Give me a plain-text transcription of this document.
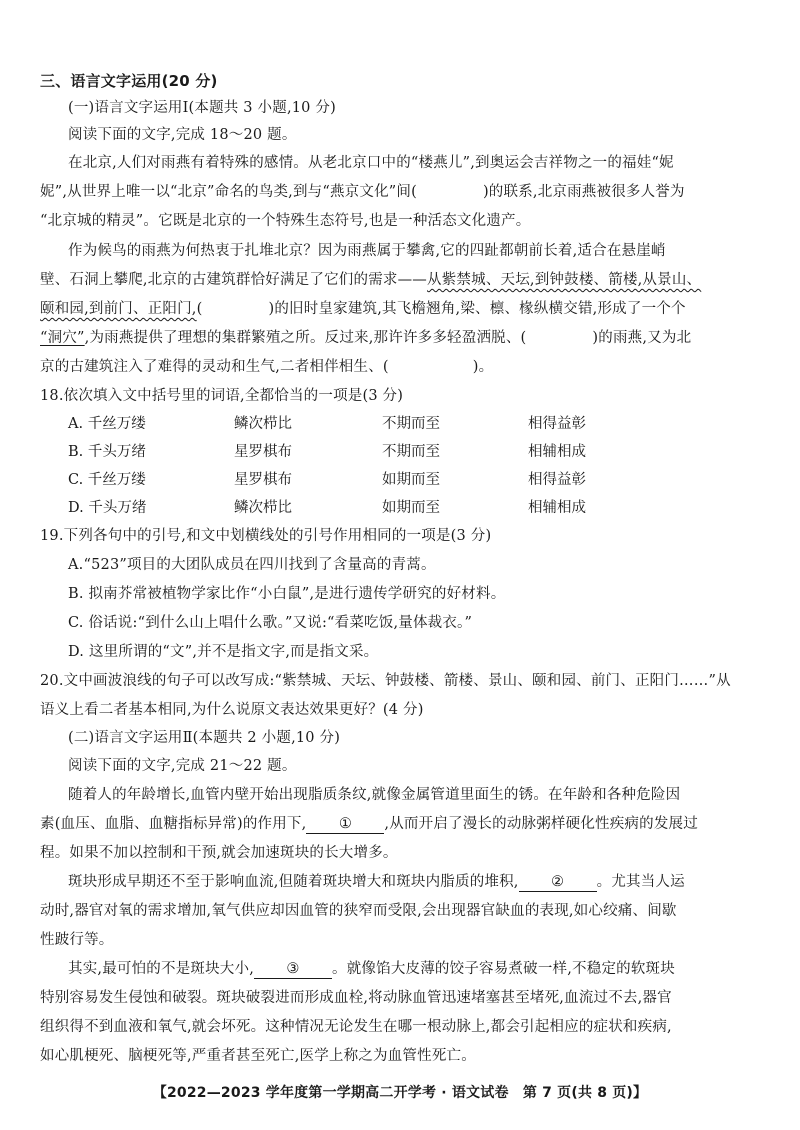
三、语言文字运用(20 分)
(一)语言文字运用Ⅰ(本题共 3 小题,10 分)
阅读下面的文字,完成 18～20 题。
在北京,人们对雨燕有着特殊的感情。从老北京口中的“楼燕儿”,到奥运会吉祥物之一的福娃“妮
妮”,从世界上唯一以“北京”命名的鸟类,到与“燕京文化”间(	)的联系,北京雨燕被很多人誉为
“北京城的精灵”。它既是北京的一个特殊生态符号,也是一种活态文化遗产。
作为候鸟的雨燕为何热衷于扎堆北京？因为雨燕属于攀禽,它的四趾都朝前长着,适合在悬崖峭
壁、石洞上攀爬,北京的古建筑群恰好满足了它们的需求——从紫禁城、天坛,到钟鼓楼、箭楼,从景山、
颐和园,到前门、正阳门,(	)的旧时皇家建筑,其飞檐翘角,梁、檩、椽纵横交错,形成了一个个
“洞穴”,为雨燕提供了理想的集群繁殖之所。反过来,那许许多多轻盈洒脱、(	)的雨燕,又为北
京的古建筑注入了难得的灵动和生气,二者相伴相生、(	)。
18.依次填入文中括号里的词语,全都恰当的一项是(3 分)
A. 千丝万缕	鳞次栉比	不期而至	相得益彰
B. 千头万绪	星罗棋布	不期而至	相辅相成
C. 千丝万缕	星罗棋布	如期而至	相得益彰
D. 千头万绪	鳞次栉比	如期而至	相辅相成
19.下列各句中的引号,和文中划横线处的引号作用相同的一项是(3 分)
A.“523”项目的大团队成员在四川找到了含量高的青蒿。
B. 拟南芥常被植物学家比作“小白鼠”,是进行遗传学研究的好材料。
C. 俗话说:“到什么山上唱什么歌。”又说:“看菜吃饭,量体裁衣。”
D. 这里所谓的“文”,并不是指文字,而是指文采。
20.文中画波浪线的句子可以改写成:“紫禁城、天坛、钟鼓楼、箭楼、景山、颐和园、前门、正阳门……”从
语义上看二者基本相同,为什么说原文表达效果更好？(4 分)
(二)语言文字运用Ⅱ(本题共 2 小题,10 分)
阅读下面的文字,完成 21～22 题。
随着人的年龄增长,血管内壁开始出现脂质条纹,就像金属管道里面生的锈。在年龄和各种危险因
素(血压、血脂、血糖指标异常)的作用下, ① ,从而开启了漫长的动脉粥样硬化性疾病的发展过
程。如果不加以控制和干预,就会加速斑块的长大增多。
斑块形成早期还不至于影响血流,但随着斑块增大和斑块内脂质的堆积, ② 。尤其当人运
动时,器官对氧的需求增加,氧气供应却因血管的狭窄而受限,会出现器官缺血的表现,如心绞痛、间歇
性跛行等。
其实,最可怕的不是斑块大小, ③ 。就像馅大皮薄的饺子容易煮破一样,不稳定的软斑块
特别容易发生侵蚀和破裂。斑块破裂进而形成血栓,将动脉血管迅速堵塞甚至堵死,血流过不去,器官
组织得不到血液和氧气,就会坏死。这种情况无论发生在哪一根动脉上,都会引起相应的症状和疾病,
如心肌梗死、脑梗死等,严重者甚至死亡,医学上称之为血管性死亡。
【2022—2023 学年度第一学期高二开学考 · 语文试卷　第 7 页(共 8 页)】
